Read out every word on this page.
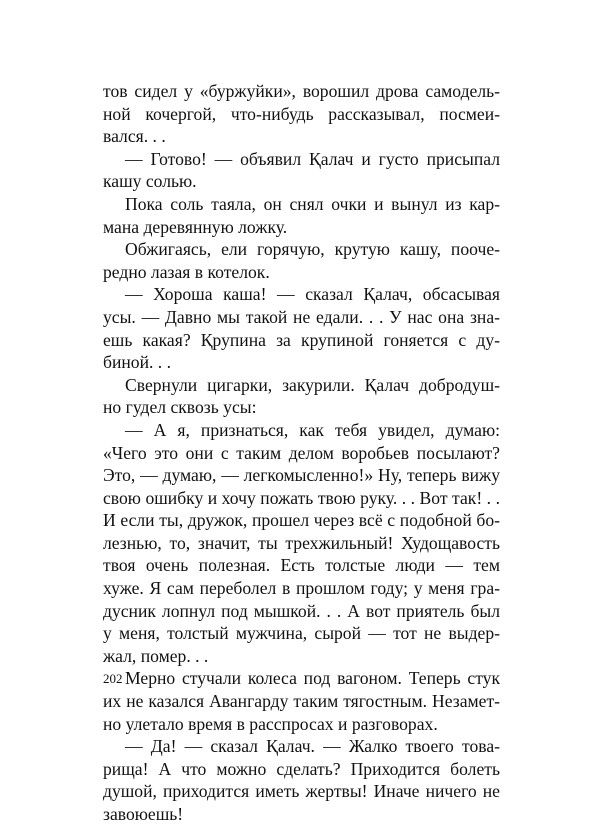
тов сидел у «буржуйки», ворошил дрова самодель-
ной кочергой, что-нибудь рассказывал, посмеи-
вался. . .
— Готово! — объявил Қалач и густо присыпал
кашу солью.
Пока соль таяла, он снял очки и вынул из кар-
мана деревянную ложку.
Обжигаясь, ели горячую, крутую кашу, пооче-
редно лазая в котелок.
— Хороша каша! — сказал Қалач, обсасывая
усы. — Давно мы такой не едали. . . У нас она зна-
ешь какая? Қрупина за крупиной гоняется с ду-
биной. . .
Свернули цигарки, закурили. Қалач добродуш-
но гудел сквозь усы:
— А я, признаться, как тебя увидел, думаю:
«Чего это они с таким делом воробьев посылают?
Это, — думаю, — легкомысленно!» Ну, теперь вижу
свою ошибку и хочу пожать твою руку. . . Вот так! . .
И если ты, дружок, прошел через всё с подобной бо-
лезнью, то, значит, ты трехжильный! Худощавость
твоя очень полезная. Есть толстые люди — тем
хуже. Я сам переболел в прошлом году; у меня гра-
дусник лопнул под мышкой. . . А вот приятель был
у меня, толстый мужчина, сырой — тот не выдер-
жал, помер. . .
Мерно стучали колеса под вагоном. Теперь стук
их не казался Авангарду таким тягостным. Незамет-
но улетало время в расспросах и разговорах.
— Да! — сказал Қалач. — Жалко твоего това-
рища! А что можно сделать? Приходится болеть
душой, приходится иметь жертвы! Иначе ничего не
завоюешь!
202
